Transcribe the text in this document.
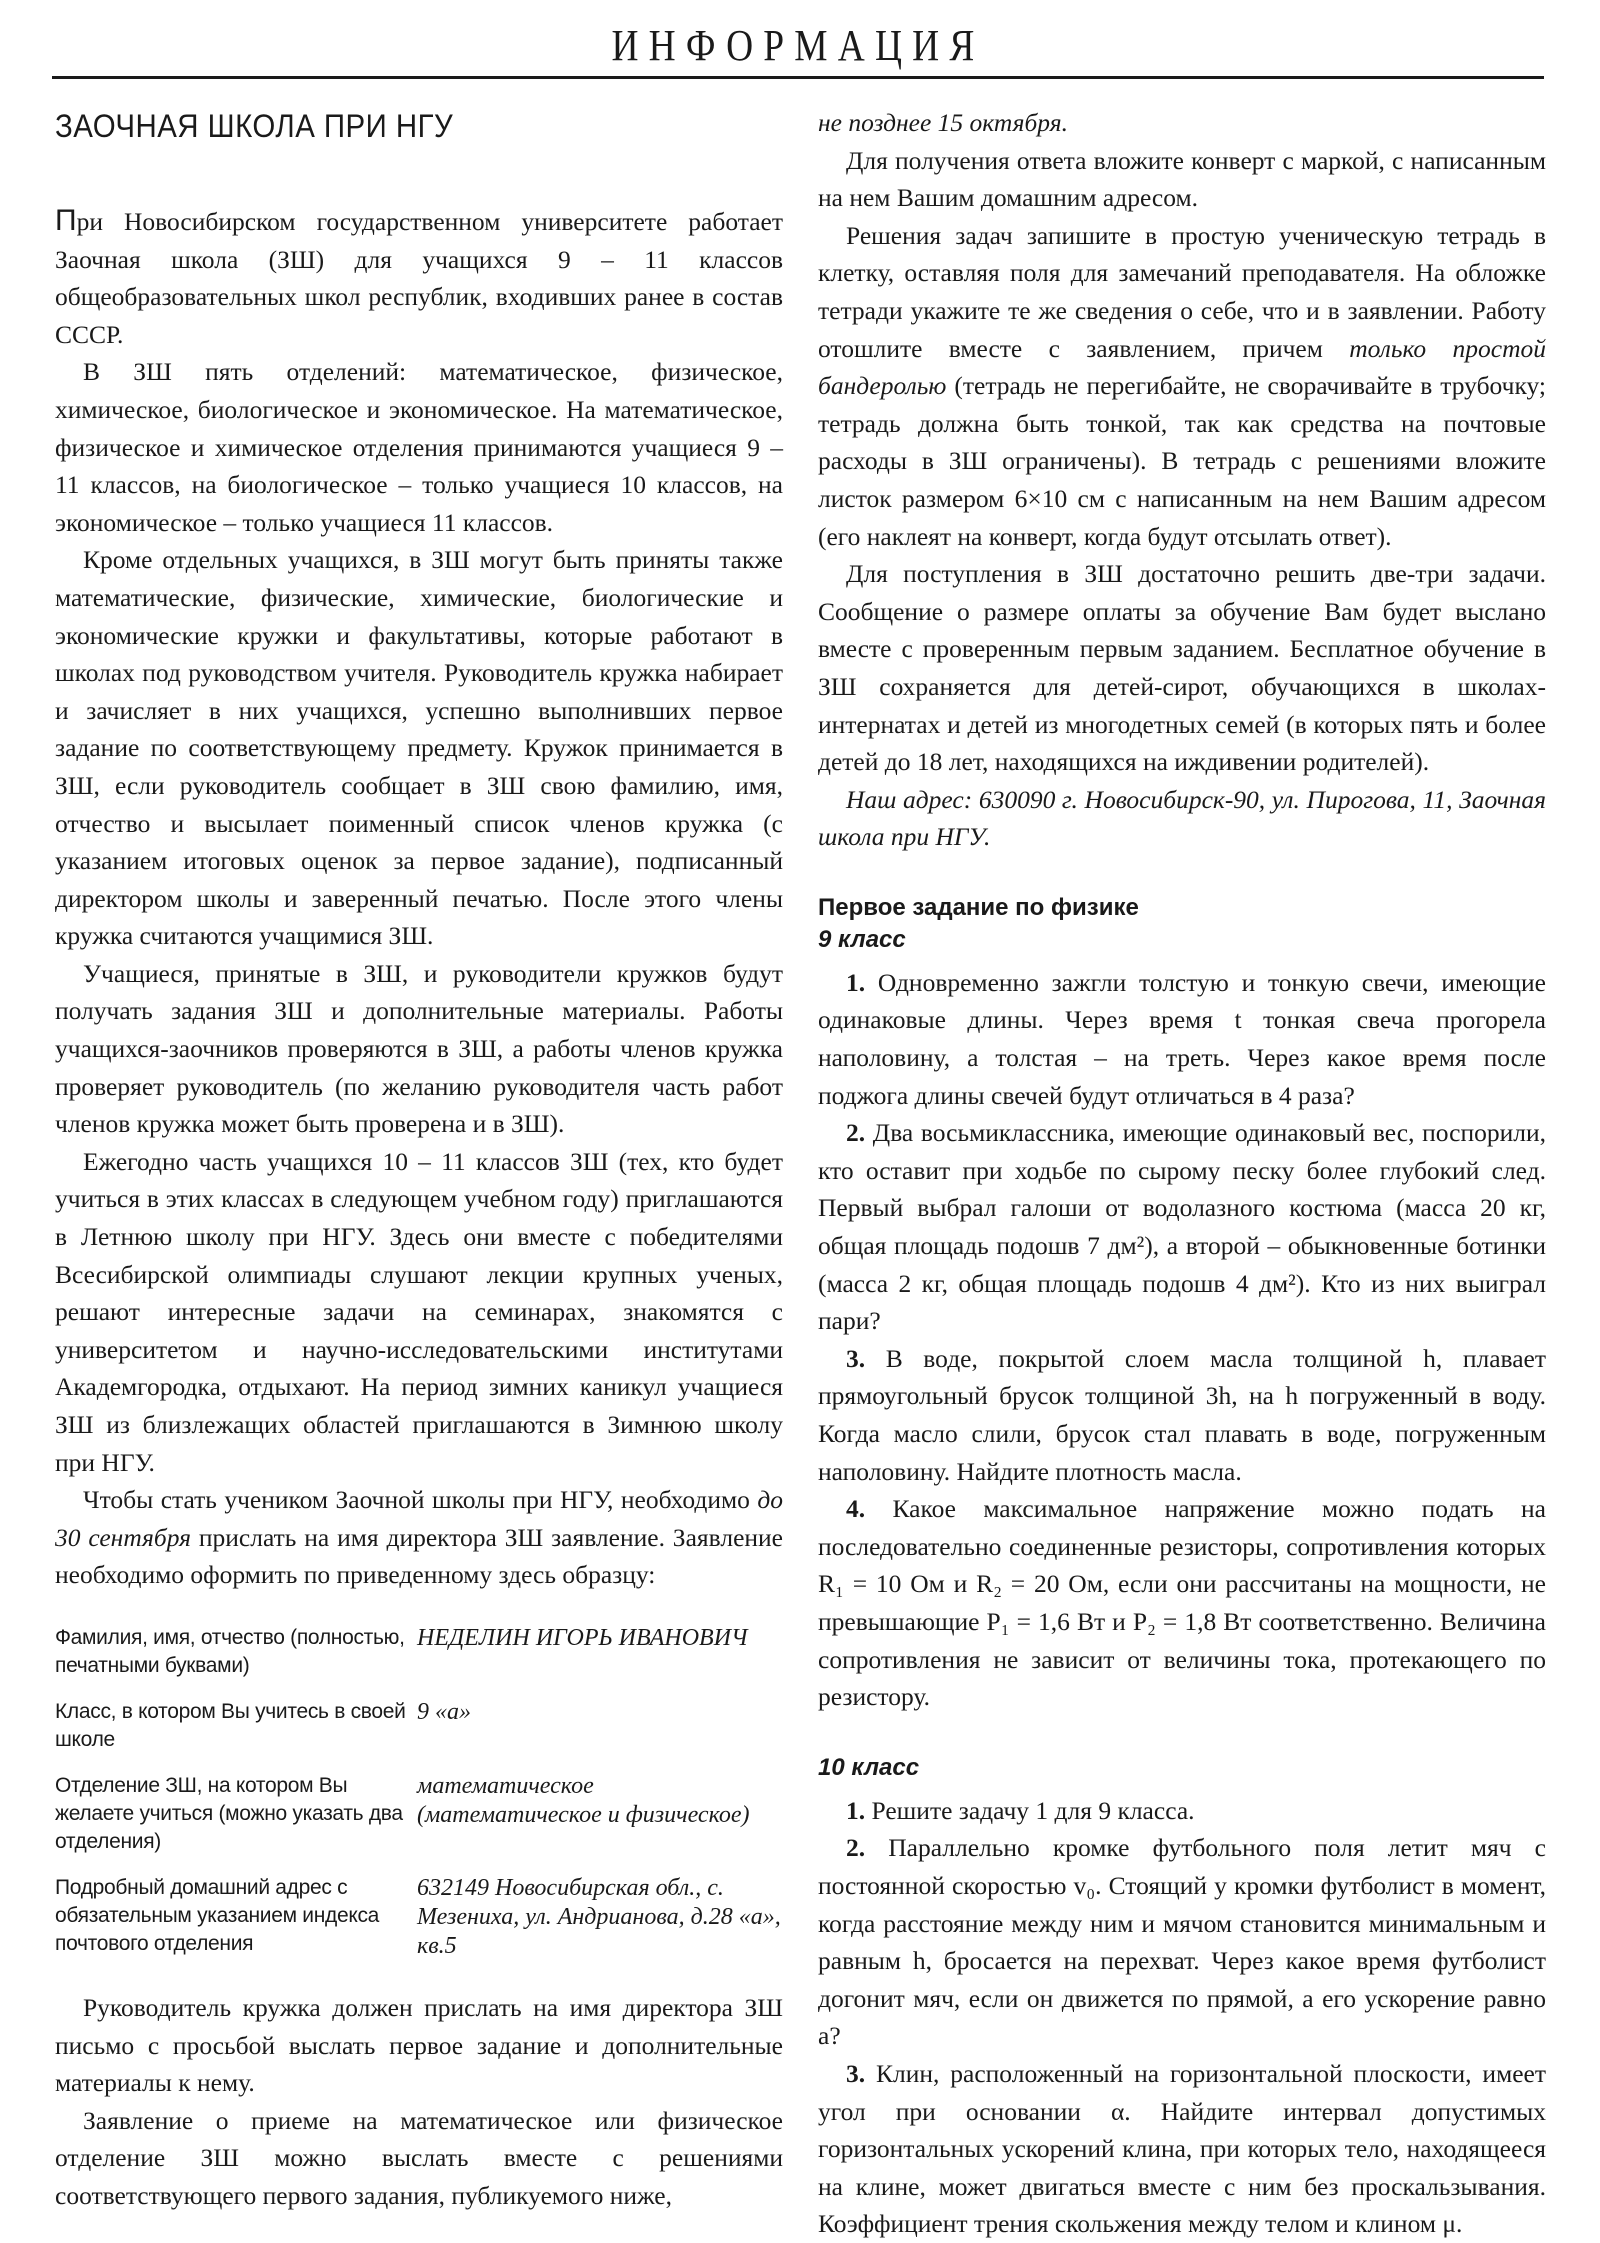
ИНФОРМАЦИЯ
ЗАОЧНАЯ ШКОЛА ПРИ НГУ

При Новосибирском государственном университете работает Заочная школа (ЗШ) для учащихся 9 – 11 классов общеобразовательных школ республик, входивших ранее в состав СССР.

В ЗШ пять отделений: математическое, физическое, химическое, биологическое и экономическое. На математическое, физическое и химическое отделения принимаются учащиеся 9 – 11 классов, на биологическое – только учащиеся 10 классов, на экономическое – только учащиеся 11 классов.

Кроме отдельных учащихся, в ЗШ могут быть приняты также математические, физические, химические, биологические и экономические кружки и факультативы, которые работают в школах под руководством учителя. Руководитель кружка набирает и зачисляет в них учащихся, успешно выполнивших первое задание по соответствующему предмету. Кружок принимается в ЗШ, если руководитель сообщает в ЗШ свою фамилию, имя, отчество и высылает поименный список членов кружка (с указанием итоговых оценок за первое задание), подписанный директором школы и заверенный печатью. После этого члены кружка считаются учащимися ЗШ.

Учащиеся, принятые в ЗШ, и руководители кружков будут получать задания ЗШ и дополнительные материалы. Работы учащихся-заочников проверяются в ЗШ, а работы членов кружка проверяет руководитель (по желанию руководителя часть работ членов кружка может быть проверена и в ЗШ).

Ежегодно часть учащихся 10 – 11 классов ЗШ (тех, кто будет учиться в этих классах в следующем учебном году) приглашаются в Летнюю школу при НГУ. Здесь они вместе с победителями Всесибирской олимпиады слушают лекции крупных ученых, решают интересные задачи на семинарах, знакомятся с университетом и научно-исследовательскими институтами Академгородка, отдыхают. На период зимних каникул учащиеся ЗШ из близлежащих областей приглашаются в Зимнюю школу при НГУ.

Чтобы стать учеником Заочной школы при НГУ, необходимо до 30 сентября прислать на имя директора ЗШ заявление. Заявление необходимо оформить по приведенному здесь образцу:

Фамилия, имя, отчество (полностью, печатными буквами)
НЕДЕЛИН ИГОРЬ ИВАНОВИЧ
Класс, в котором Вы учитесь в своей школе
9 «а»
Отделение ЗШ, на котором Вы желаете учиться (можно указать два отделения)
математическое (математическое и физическое)
Подробный домашний адрес с обязательным указанием индекса почтового отделения
632149 Новосибирская обл., с. Мезениха, ул. Андрианова, д.28 «а», кв.5

Руководитель кружка должен прислать на имя директора ЗШ письмо с просьбой выслать первое задание и дополнительные материалы к нему.

Заявление о приеме на математическое или физическое отделение ЗШ можно выслать вместе с решениями соответствующего первого задания, публикуемого ниже,

не позднее 15 октября.

Для получения ответа вложите конверт с маркой, с написанным на нем Вашим домашним адресом.

Решения задач запишите в простую ученическую тетрадь в клетку, оставляя поля для замечаний преподавателя. На обложке тетради укажите те же сведения о себе, что и в заявлении. Работу отошлите вместе с заявлением, причем только простой бандеролью (тетрадь не перегибайте, не сворачивайте в трубочку; тетрадь должна быть тонкой, так как средства на почтовые расходы в ЗШ ограничены). В тетрадь с решениями вложите листок размером 6×10 см с написанным на нем Вашим адресом (его наклеят на конверт, когда будут отсылать ответ).

Для поступления в ЗШ достаточно решить две-три задачи. Сообщение о размере оплаты за обучение Вам будет выслано вместе с проверенным первым заданием. Бесплатное обучение в ЗШ сохраняется для детей-сирот, обучающихся в школах-интернатах и детей из многодетных семей (в которых пять и более детей до 18 лет, находящихся на иждивении родителей).

Наш адрес: 630090 г. Новосибирск-90, ул. Пирогова, 11, Заочная школа при НГУ.

Первое задание по физике
9 класс

1. Одновременно зажгли толстую и тонкую свечи, имеющие одинаковые длины. Через время t тонкая свеча прогорела наполовину, а толстая – на треть. Через какое время после поджога длины свечей будут отличаться в 4 раза?

2. Два восьмиклассника, имеющие одинаковый вес, поспорили, кто оставит при ходьбе по сырому песку более глубокий след. Первый выбрал галоши от водолазного костюма (масса 20 кг, общая площадь подошв 7 дм²), а второй – обыкновенные ботинки (масса 2 кг, общая площадь подошв 4 дм²). Кто из них выиграл пари?

3. В воде, покрытой слоем масла толщиной h, плавает прямоугольный брусок толщиной 3h, на h погруженный в воду. Когда масло слили, брусок стал плавать в воде, погруженным наполовину. Найдите плотность масла.

4. Какое максимальное напряжение можно подать на последовательно соединенные резисторы, сопротивления которых R₁ = 10 Ом и R₂ = 20 Ом, если они рассчитаны на мощности, не превышающие P₁ = 1,6 Вт и P₂ = 1,8 Вт соответственно. Величина сопротивления не зависит от величины тока, протекающего по резистору.

10 класс

1. Решите задачу 1 для 9 класса.

2. Параллельно кромке футбольного поля летит мяч с постоянной скоростью v₀. Стоящий у кромки футболист в момент, когда расстояние между ним и мячом становится минимальным и равным h, бросается на перехват. Через какое время футболист догонит мяч, если он движется по прямой, а его ускорение равно a?

3. Клин, расположенный на горизонтальной плоскости, имеет угол при основании α. Найдите интервал допустимых горизонтальных ускорений клина, при которых тело, находящееся на клине, может двигаться вместе с ним без проскальзывания. Коэффициент трения скольжения между телом и клином μ.
